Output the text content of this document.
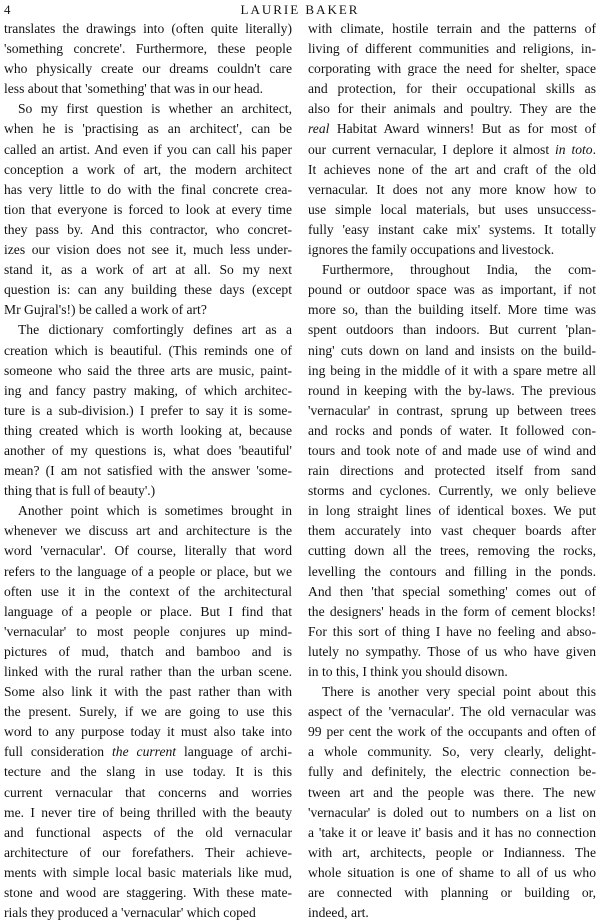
4	LAURIE BAKER
translates the drawings into (often quite literally)
'something concrete'. Furthermore, these people
who physically create our dreams couldn't care
less about that 'something' that was in our head.
So my first question is whether an architect,
when he is 'practising as an architect', can be
called an artist. And even if you can call his paper
conception a work of art, the modern architect
has very little to do with the final concrete crea-
tion that everyone is forced to look at every time
they pass by. And this contractor, who concret-
izes our vision does not see it, much less under-
stand it, as a work of art at all. So my next
question is: can any building these days (except
Mr Gujral's!) be called a work of art?
The dictionary comfortingly defines art as a
creation which is beautiful. (This reminds one of
someone who said the three arts are music, paint-
ing and fancy pastry making, of which architec-
ture is a sub-division.) I prefer to say it is some-
thing created which is worth looking at, because
another of my questions is, what does 'beautiful'
mean? (I am not satisfied with the answer 'some-
thing that is full of beauty'.)
Another point which is sometimes brought in
whenever we discuss art and architecture is the
word 'vernacular'. Of course, literally that word
refers to the language of a people or place, but we
often use it in the context of the architectural
language of a people or place. But I find that
'vernacular' to most people conjures up mind-
pictures of mud, thatch and bamboo and is
linked with the rural rather than the urban scene.
Some also link it with the past rather than with
the present. Surely, if we are going to use this
word to any purpose today it must also take into
full consideration the current language of archi-
tecture and the slang in use today. It is this
current vernacular that concerns and worries
me. I never tire of being thrilled with the beauty
and functional aspects of the old vernacular
architecture of our forefathers. Their achieve-
ments with simple local basic materials like mud,
stone and wood are staggering. With these mate-
rials they produced a 'vernacular' which coped
with climate, hostile terrain and the patterns of
living of different communities and religions, in-
corporating with grace the need for shelter, space
and protection, for their occupational skills as
also for their animals and poultry. They are the
real Habitat Award winners! But as for most of
our current vernacular, I deplore it almost in toto.
It achieves none of the art and craft of the old
vernacular. It does not any more know how to
use simple local materials, but uses unsuccess-
fully 'easy instant cake mix' systems. It totally
ignores the family occupations and livestock.
Furthermore, throughout India, the com-
pound or outdoor space was as important, if not
more so, than the building itself. More time was
spent outdoors than indoors. But current 'plan-
ning' cuts down on land and insists on the build-
ing being in the middle of it with a spare metre all
round in keeping with the by-laws. The previous
'vernacular' in contrast, sprung up between trees
and rocks and ponds of water. It followed con-
tours and took note of and made use of wind and
rain directions and protected itself from sand
storms and cyclones. Currently, we only believe
in long straight lines of identical boxes. We put
them accurately into vast chequer boards after
cutting down all the trees, removing the rocks,
levelling the contours and filling in the ponds.
And then 'that special something' comes out of
the designers' heads in the form of cement blocks!
For this sort of thing I have no feeling and abso-
lutely no sympathy. Those of us who have given
in to this, I think you should disown.
There is another very special point about this
aspect of the 'vernacular'. The old vernacular was
99 per cent the work of the occupants and often of
a whole community. So, very clearly, delight-
fully and definitely, the electric connection be-
tween art and the people was there. The new
'vernacular' is doled out to numbers on a list on
a 'take it or leave it' basis and it has no connection
with art, architects, people or Indianness. The
whole situation is one of shame to all of us who
are connected with planning or building or,
indeed, art.
